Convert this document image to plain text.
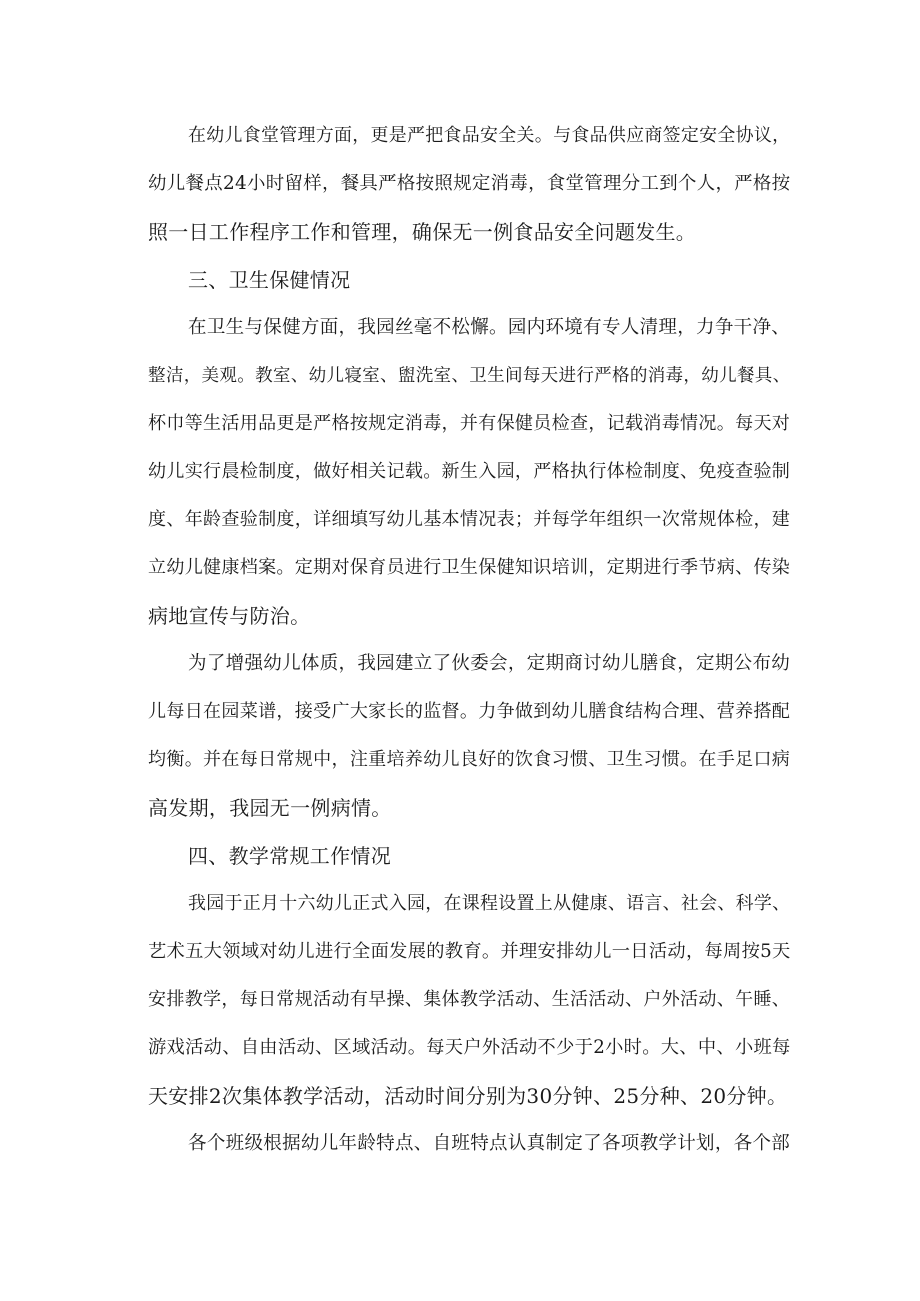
在幼儿食堂管理方面，更是严把食品安全关。与食品供应商签定安全协议，
幼儿餐点24小时留样，餐具严格按照规定消毒，食堂管理分工到个人，严格按
照一日工作程序工作和管理，确保无一例食品安全问题发生。
三、卫生保健情况
在卫生与保健方面，我园丝毫不松懈。园内环境有专人清理，力争干净、
整洁，美观。教室、幼儿寝室、盥洗室、卫生间每天进行严格的消毒，幼儿餐具、
杯巾等生活用品更是严格按规定消毒，并有保健员检查，记载消毒情况。每天对
幼儿实行晨检制度，做好相关记载。新生入园，严格执行体检制度、免疫查验制
度、年龄查验制度，详细填写幼儿基本情况表；并每学年组织一次常规体检，建
立幼儿健康档案。定期对保育员进行卫生保健知识培训，定期进行季节病、传染
病地宣传与防治。
为了增强幼儿体质，我园建立了伙委会，定期商讨幼儿膳食，定期公布幼
儿每日在园菜谱，接受广大家长的监督。力争做到幼儿膳食结构合理、营养搭配
均衡。并在每日常规中，注重培养幼儿良好的饮食习惯、卫生习惯。在手足口病
高发期，我园无一例病情。
四、教学常规工作情况
我园于正月十六幼儿正式入园，在课程设置上从健康、语言、社会、科学、
艺术五大领域对幼儿进行全面发展的教育。并理安排幼儿一日活动，每周按5天
安排教学，每日常规活动有早操、集体教学活动、生活活动、户外活动、午睡、
游戏活动、自由活动、区域活动。每天户外活动不少于2小时。大、中、小班每
天安排2次集体教学活动，活动时间分别为30分钟、25分种、20分钟。
各个班级根据幼儿年龄特点、自班特点认真制定了各项教学计划，各个部
